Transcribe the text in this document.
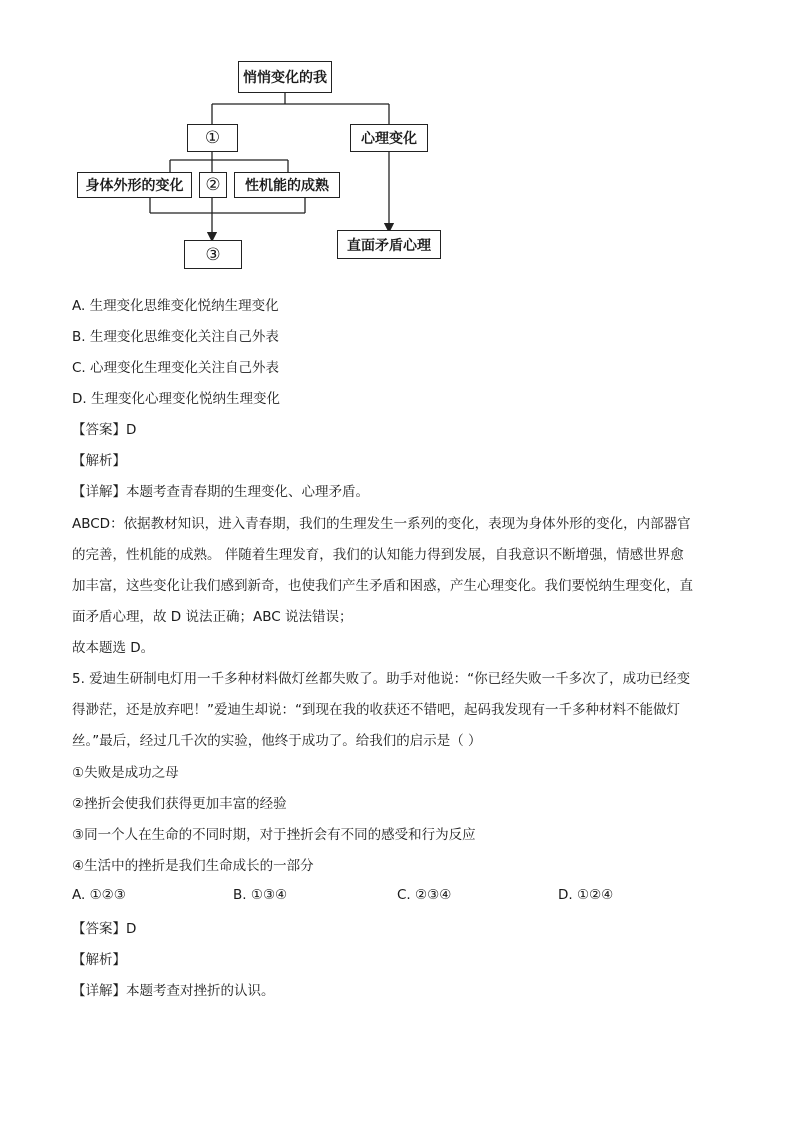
悄悄变化的我
①	心理变化
身体外形的变化	②	性机能的成熟
③	直面矛盾心理
A. 生理变化思维变化悦纳生理变化
B. 生理变化思维变化关注自己外表
C. 心理变化生理变化关注自己外表
D. 生理变化心理变化悦纳生理变化
【答案】D
【解析】
【详解】本题考查青春期的生理变化、心理矛盾。
ABCD：依据教材知识，进入青春期，我们的生理发生一系列的变化，表现为身体外形的变化，内部器官
的完善，性机能的成熟。 伴随着生理发育，我们的认知能力得到发展，自我意识不断增强，情感世界愈
加丰富，这些变化让我们感到新奇，也使我们产生矛盾和困惑，产生心理变化。我们要悦纳生理变化，直
面矛盾心理，故 D 说法正确；ABC 说法错误；
故本题选 D。
5. 爱迪生研制电灯用一千多种材料做灯丝都失败了。助手对他说：“你已经失败一千多次了，成功已经变
得渺茫，还是放弃吧！”爱迪生却说：“到现在我的收获还不错吧，起码我发现有一千多种材料不能做灯
丝。”最后，经过几千次的实验，他终于成功了。给我们的启示是（ ）
①失败是成功之母
②挫折会使我们获得更加丰富的经验
③同一个人在生命的不同时期，对于挫折会有不同的感受和行为反应
④生活中的挫折是我们生命成长的一部分
A. ①②③	B. ①③④	C. ②③④	D. ①②④
【答案】D
【解析】
【详解】本题考查对挫折的认识。
